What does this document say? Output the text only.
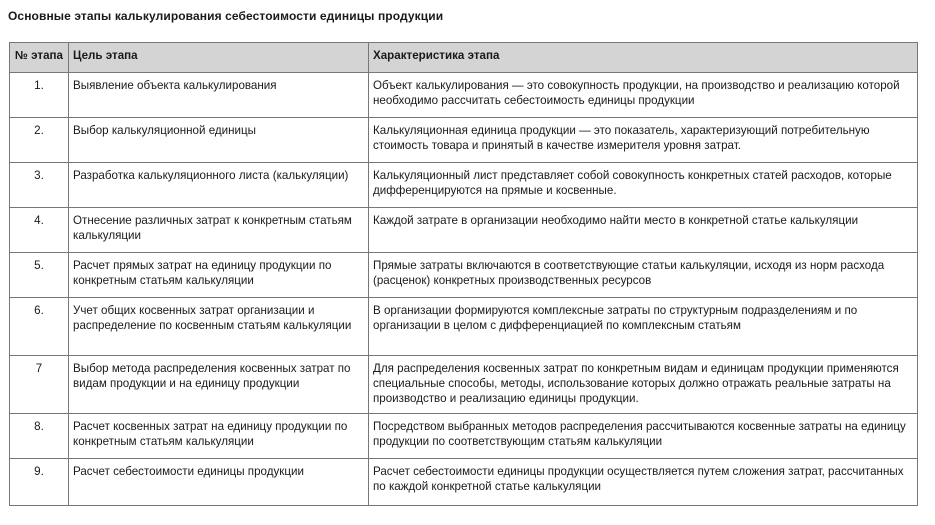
Основные этапы калькулирования себестоимости единицы продукции
№ этапа	Цель этапа	Характеристика этапа
1.	Выявление объекта калькулирования	Объект калькулирования — это совокупность продукции, на производство и реализацию которой необходимо рассчитать себестоимость единицы продукции
2.	Выбор калькуляционной единицы	Калькуляционная единица продукции — это показатель, характеризующий потребительную стоимость товара и принятый в качестве измерителя уровня затрат.
3.	Разработка калькуляционного листа (калькуляции)	Калькуляционный лист представляет собой совокупность конкретных статей расходов, которые дифференцируются на прямые и косвенные.
4.	Отнесение различных затрат к конкретным статьям калькуляции	Каждой затрате в организации необходимо найти место в конкретной статье калькуляции
5.	Расчет прямых затрат на единицу продукции по конкретным статьям калькуляции	Прямые затраты включаются в соответствующие статьи калькуляции, исходя из норм расхода (расценок) конкретных производственных ресурсов
6.	Учет общих косвенных затрат организации и распределение по косвенным статьям калькуляции	В организации формируются комплексные затраты по структурным подразделениям и по организации в целом с дифференциацией по комплексным статьям
7	Выбор метода распределения косвенных затрат по видам продукции и на единицу продукции	Для распределения косвенных затрат по конкретным видам и единицам продукции применяются специальные способы, методы, использование которых должно отражать реальные затраты на производство и реализацию единицы продукции.
8.	Расчет косвенных затрат на единицу продукции по конкретным статьям калькуляции	Посредством выбранных методов распределения рассчитываются косвенные затраты на единицу продукции по соответствующим статьям калькуляции
9.	Расчет себестоимости единицы продукции	Расчет себестоимости единицы продукции осуществляется путем сложения затрат, рассчитанных по каждой конкретной статье калькуляции
